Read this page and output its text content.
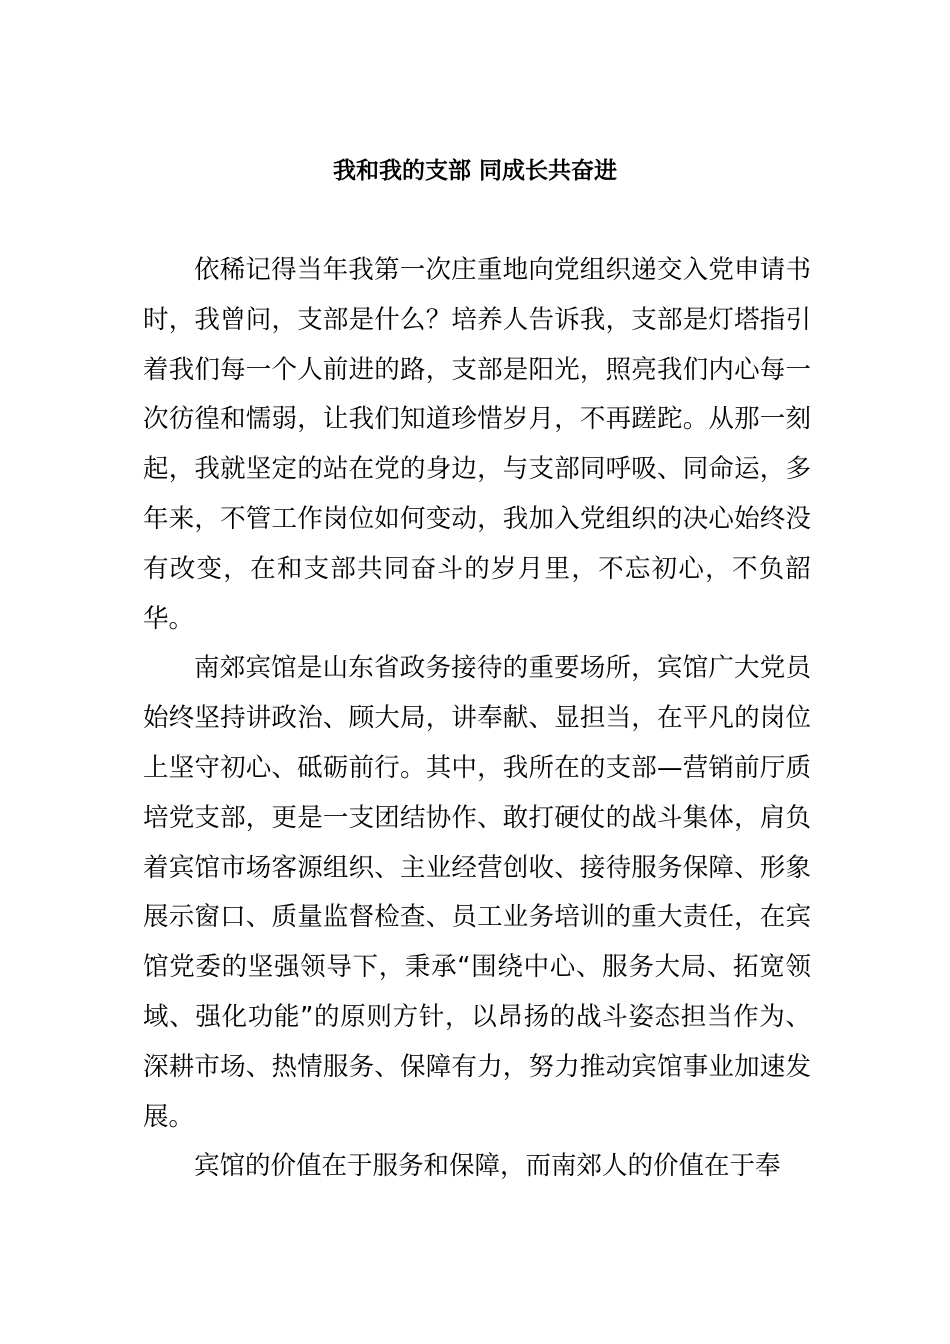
我和我的支部 同成长共奋进

依稀记得当年我第一次庄重地向党组织递交入党申请书时，我曾问，支部是什么？培养人告诉我，支部是灯塔指引着我们每一个人前进的路，支部是阳光，照亮我们内心每一次彷徨和懦弱，让我们知道珍惜岁月，不再蹉跎。从那一刻起，我就坚定的站在党的身边，与支部同呼吸、同命运，多年来，不管工作岗位如何变动，我加入党组织的决心始终没有改变，在和支部共同奋斗的岁月里，不忘初心，不负韶华。

南郊宾馆是山东省政务接待的重要场所，宾馆广大党员始终坚持讲政治、顾大局，讲奉献、显担当，在平凡的岗位上坚守初心、砥砺前行。其中，我所在的支部—营销前厅质培党支部，更是一支团结协作、敢打硬仗的战斗集体，肩负着宾馆市场客源组织、主业经营创收、接待服务保障、形象展示窗口、质量监督检查、员工业务培训的重大责任，在宾馆党委的坚强领导下，秉承“围绕中心、服务大局、拓宽领域、强化功能”的原则方针，以昂扬的战斗姿态担当作为、深耕市场、热情服务、保障有力，努力推动宾馆事业加速发展。

宾馆的价值在于服务和保障，而南郊人的价值在于奉
